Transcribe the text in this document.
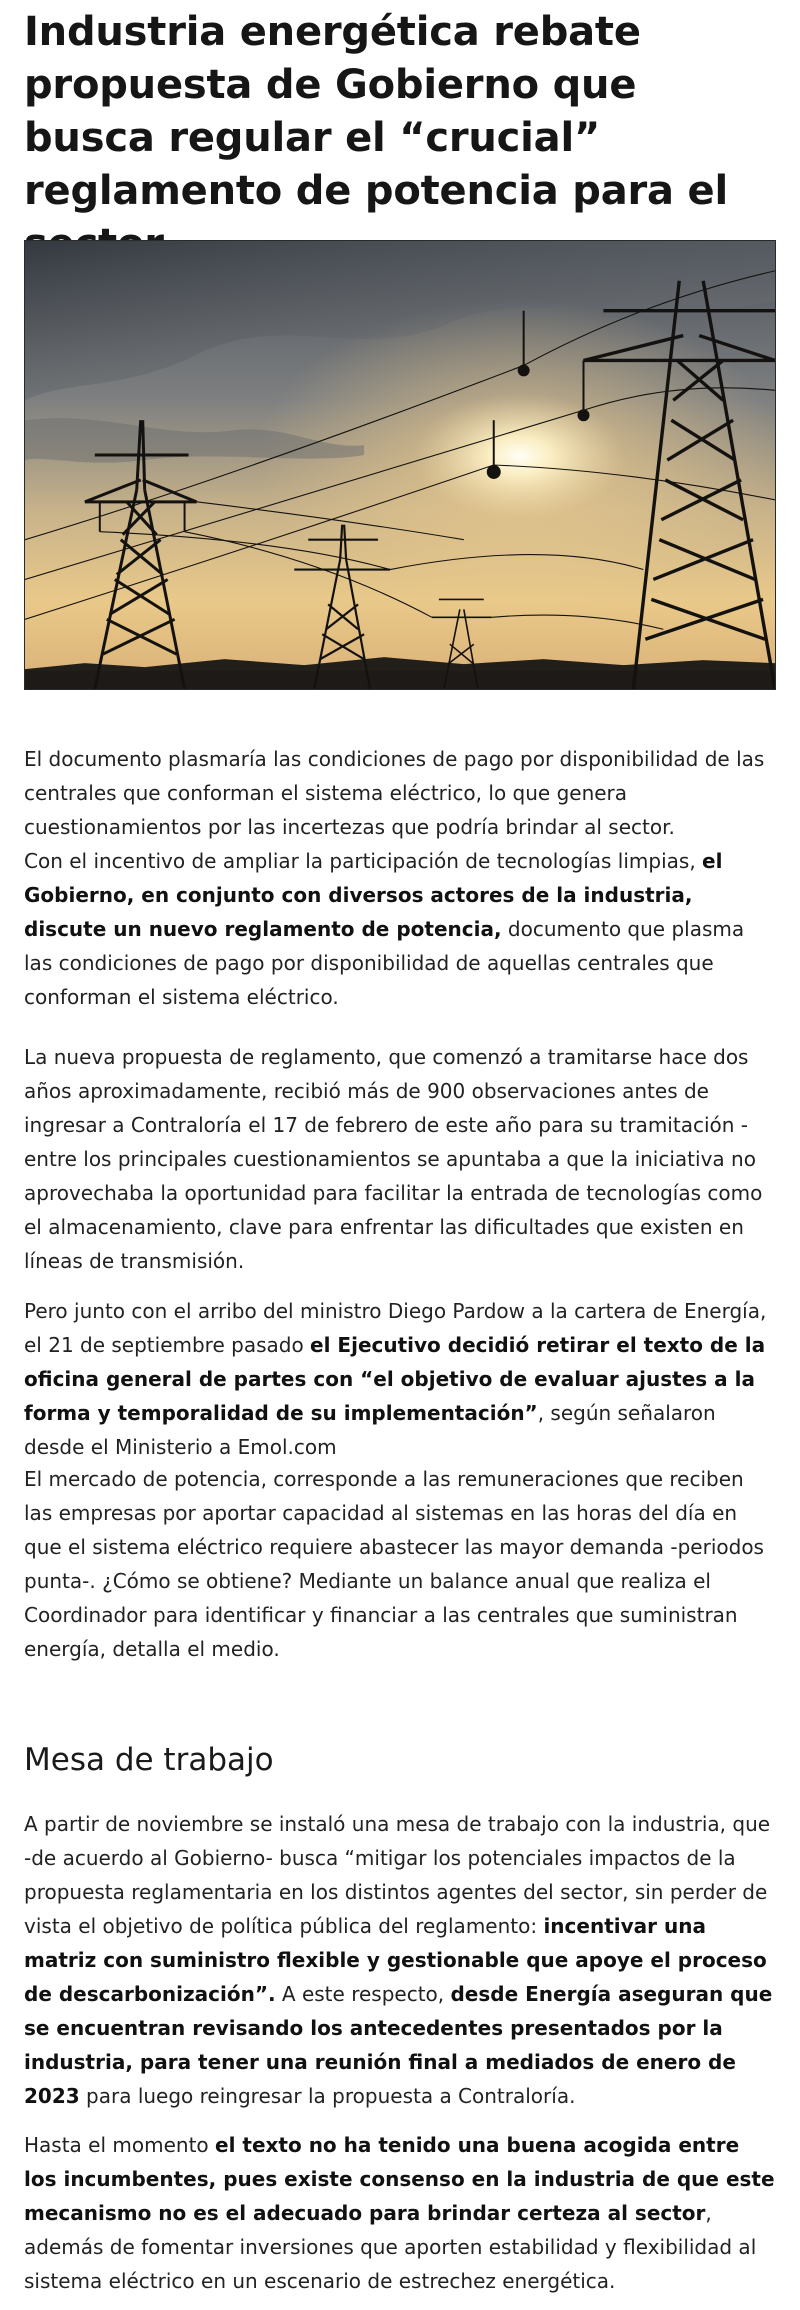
Industria energética rebate propuesta de Gobierno que busca regular el “crucial” reglamento de potencia para el

El documento plasmaría las condiciones de pago por disponibilidad de las centrales que conforman el sistema eléctrico, lo que genera cuestionamientos por las incertezas que podría brindar al sector.

Con el incentivo de ampliar la participación de tecnologías limpias, el Gobierno, en conjunto con diversos actores de la industria, discute un nuevo reglamento de potencia, documento que plasma las condiciones de pago por disponibilidad de aquellas centrales que conforman el sistema eléctrico.

La nueva propuesta de reglamento, que comenzó a tramitarse hace dos años aproximadamente, recibió más de 900 observaciones antes de ingresar a Contraloría el 17 de febrero de este año para su tramitación -entre los principales cuestionamientos se apuntaba a que la iniciativa no aprovechaba la oportunidad para facilitar la entrada de tecnologías como el almacenamiento, clave para enfrentar las dificultades que existen en líneas de transmisión.

Pero junto con el arribo del ministro Diego Pardow a la cartera de Energía, el 21 de septiembre pasado el Ejecutivo decidió retirar el texto de la oficina general de partes con “el objetivo de evaluar ajustes a la forma y temporalidad de su implementación”, según señalaron desde el Ministerio a Emol.com

El mercado de potencia, corresponde a las remuneraciones que reciben las empresas por aportar capacidad al sistemas en las horas del día en que el sistema eléctrico requiere abastecer las mayor demanda -periodos punta-. ¿Cómo se obtiene? Mediante un balance anual que realiza el Coordinador para identificar y financiar a las centrales que suministran energía, detalla el medio.

Mesa de trabajo

A partir de noviembre se instaló una mesa de trabajo con la industria, que -de acuerdo al Gobierno- busca “mitigar los potenciales impactos de la propuesta reglamentaria en los distintos agentes del sector, sin perder de vista el objetivo de política pública del reglamento: incentivar una matriz con suministro flexible y gestionable que apoye el proceso de descarbonización”. A este respecto, desde Energía aseguran que se encuentran revisando los antecedentes presentados por la industria, para tener una reunión final a mediados de enero de 2023 para luego reingresar la propuesta a Contraloría.

Hasta el momento el texto no ha tenido una buena acogida entre los incumbentes, pues existe consenso en la industria de que este mecanismo no es el adecuado para brindar certeza al sector, además de fomentar inversiones que aporten estabilidad y flexibilidad al sistema eléctrico en un escenario de estrechez energética.
